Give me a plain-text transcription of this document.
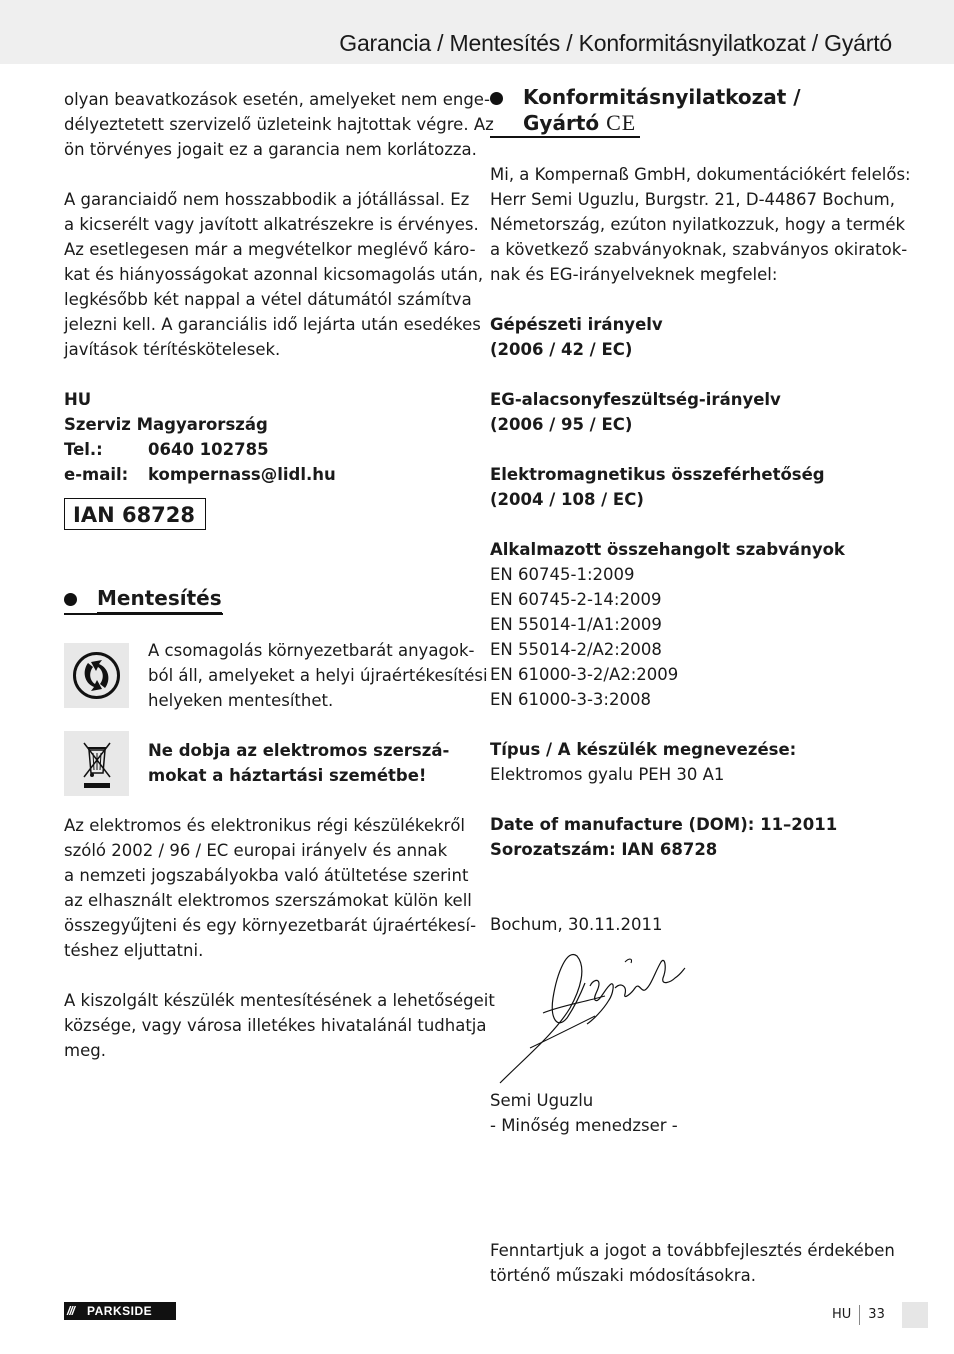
Garancia / Mentesítés / Konformitásnyilatkozat / Gyártó
olyan beavatkozások esetén, amelyeket nem enge-
délyeztetett szervizelő üzleteink hajtottak végre. Az
ön törvényes jogait ez a garancia nem korlátozza.
A garanciaidő nem hosszabbodik a jótállással. Ez
a kicserélt vagy javított alkatrészekre is érvényes.
Az esetlegesen már a megvételkor meglévő káro-
kat és hiányosságokat azonnal kicsomagolás után,
legkésőbb két nappal a vétel dátumától számítva
jelezni kell. A garanciális idő lejárta után esedékes
javítások térítéskötelesek.
HU
Szerviz Magyarország
Tel.:	0640 102785
e-mail: kompernass@lidl.hu
IAN 68728
Mentesítés
A csomagolás környezetbarát anyagok-
ból áll, amelyeket a helyi újraértékesítési
helyeken mentesíthet.
Ne dobja az elektromos szerszá-
mokat a háztartási szemétbe!
Az elektromos és elektronikus régi készülékekről
szóló 2002 / 96 / EC europai irányelv és annak
a nemzeti jogszabályokba való átültetése szerint
az elhasznált elektromos szerszámokat külön kell
összegyűjteni és egy környezetbarát újraértékesí-
téshez eljuttatni.
A kiszolgált készülék mentesítésének a lehetőségeit
községe, vagy városa illetékes hivatalánál tudhatja
meg.
Konformitásnyilatkozat /
Gyártó CE
Mi, a Kompernaß GmbH, dokumentációkért felelős:
Herr Semi Uguzlu, Burgstr. 21, D-44867 Bochum,
Németország, ezúton nyilatkozzuk, hogy a termék
a következő szabványoknak, szabványos okiratok-
nak és EG-irányelveknek megfelel:
Gépészeti irányelv
(2006 / 42 / EC)
EG-alacsonyfeszültség-irányelv
(2006 / 95 / EC)
Elektromagnetikus összeférhetőség
(2004 / 108 / EC)
Alkalmazott összehangolt szabványok
EN 60745-1:2009
EN 60745-2-14:2009
EN 55014-1/A1:2009
EN 55014-2/A2:2008
EN 61000-3-2/A2:2009
EN 61000-3-3:2008
Típus / A készülék megnevezése:
Elektromos gyalu PEH 30 A1
Date of manufacture (DOM): 11–2011
Sorozatszám: IAN 68728
Bochum, 30.11.2011
Semi Uguzlu
- Minőség menedzser -
Fenntartjuk a jogot a továbbfejlesztés érdekében
történő műszaki módosításokra.
/// PARKSIDE	HU 33
